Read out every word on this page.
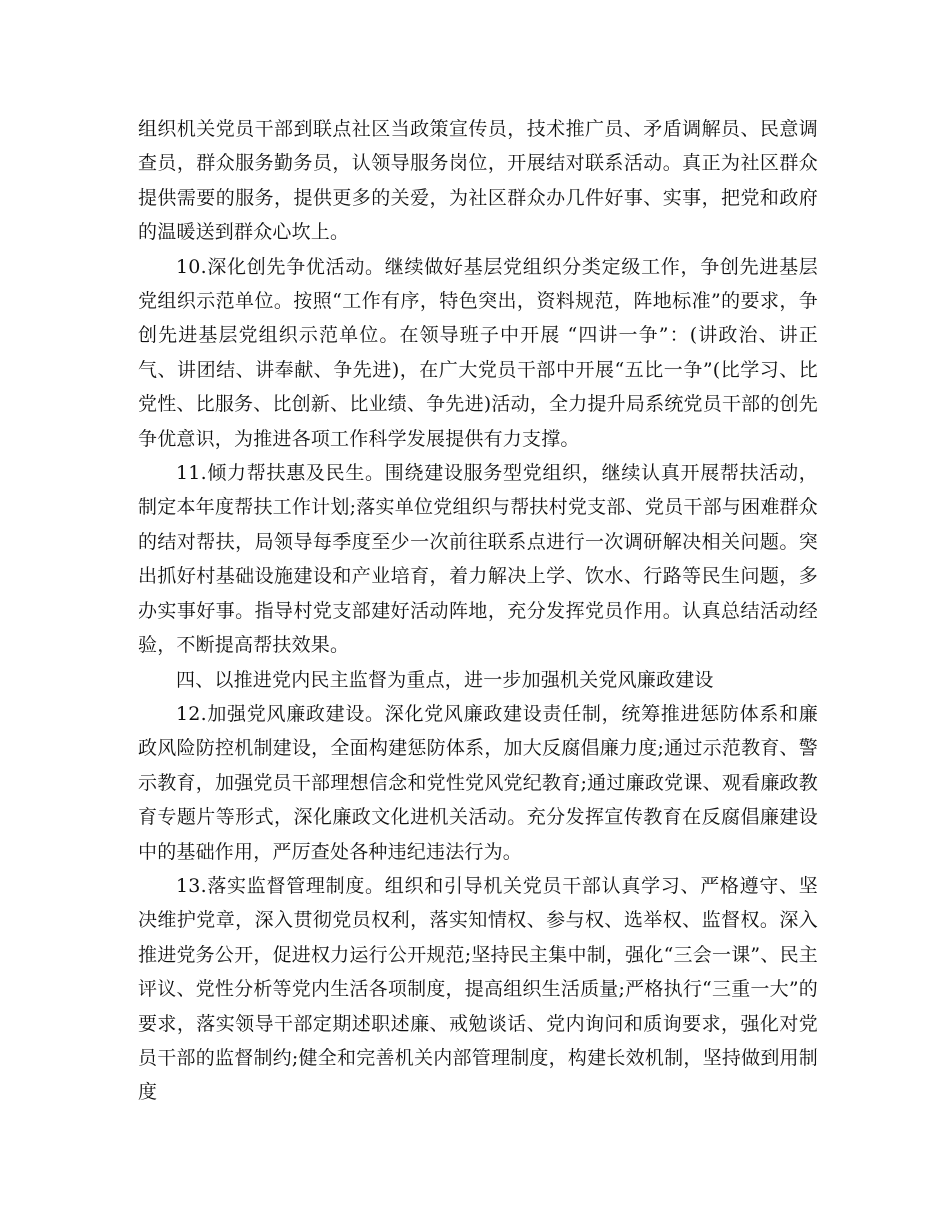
组织机关党员干部到联点社区当政策宣传员，技术推广员、矛盾调解员、民意调查员，群众服务勤务员，认领导服务岗位，开展结对联系活动。真正为社区群众提供需要的服务，提供更多的关爱，为社区群众办几件好事、实事，把党和政府的温暖送到群众心坎上。

10.深化创先争优活动。继续做好基层党组织分类定级工作，争创先进基层党组织示范单位。按照“工作有序，特色突出，资料规范，阵地标准”的要求，争创先进基层党组织示范单位。在领导班子中开展 “四讲一争”：(讲政治、讲正气、讲团结、讲奉献、争先进)，在广大党员干部中开展“五比一争”(比学习、比党性、比服务、比创新、比业绩、争先进)活动，全力提升局系统党员干部的创先争优意识，为推进各项工作科学发展提供有力支撑。

11.倾力帮扶惠及民生。围绕建设服务型党组织，继续认真开展帮扶活动，制定本年度帮扶工作计划;落实单位党组织与帮扶村党支部、党员干部与困难群众的结对帮扶，局领导每季度至少一次前往联系点进行一次调研解决相关问题。突出抓好村基础设施建设和产业培育，着力解决上学、饮水、行路等民生问题，多办实事好事。指导村党支部建好活动阵地，充分发挥党员作用。认真总结活动经验，不断提高帮扶效果。

四、以推进党内民主监督为重点，进一步加强机关党风廉政建设

12.加强党风廉政建设。深化党风廉政建设责任制，统筹推进惩防体系和廉政风险防控机制建设，全面构建惩防体系，加大反腐倡廉力度;通过示范教育、警示教育，加强党员干部理想信念和党性党风党纪教育;通过廉政党课、观看廉政教育专题片等形式，深化廉政文化进机关活动。充分发挥宣传教育在反腐倡廉建设中的基础作用，严厉查处各种违纪违法行为。

13.落实监督管理制度。组织和引导机关党员干部认真学习、严格遵守、坚决维护党章，深入贯彻党员权利，落实知情权、参与权、选举权、监督权。深入推进党务公开，促进权力运行公开规范;坚持民主集中制，强化“三会一课”、民主评议、党性分析等党内生活各项制度，提高组织生活质量;严格执行“三重一大”的要求，落实领导干部定期述职述廉、戒勉谈话、党内询问和质询要求，强化对党员干部的监督制约;健全和完善机关内部管理制度，构建长效机制，坚持做到用制度
